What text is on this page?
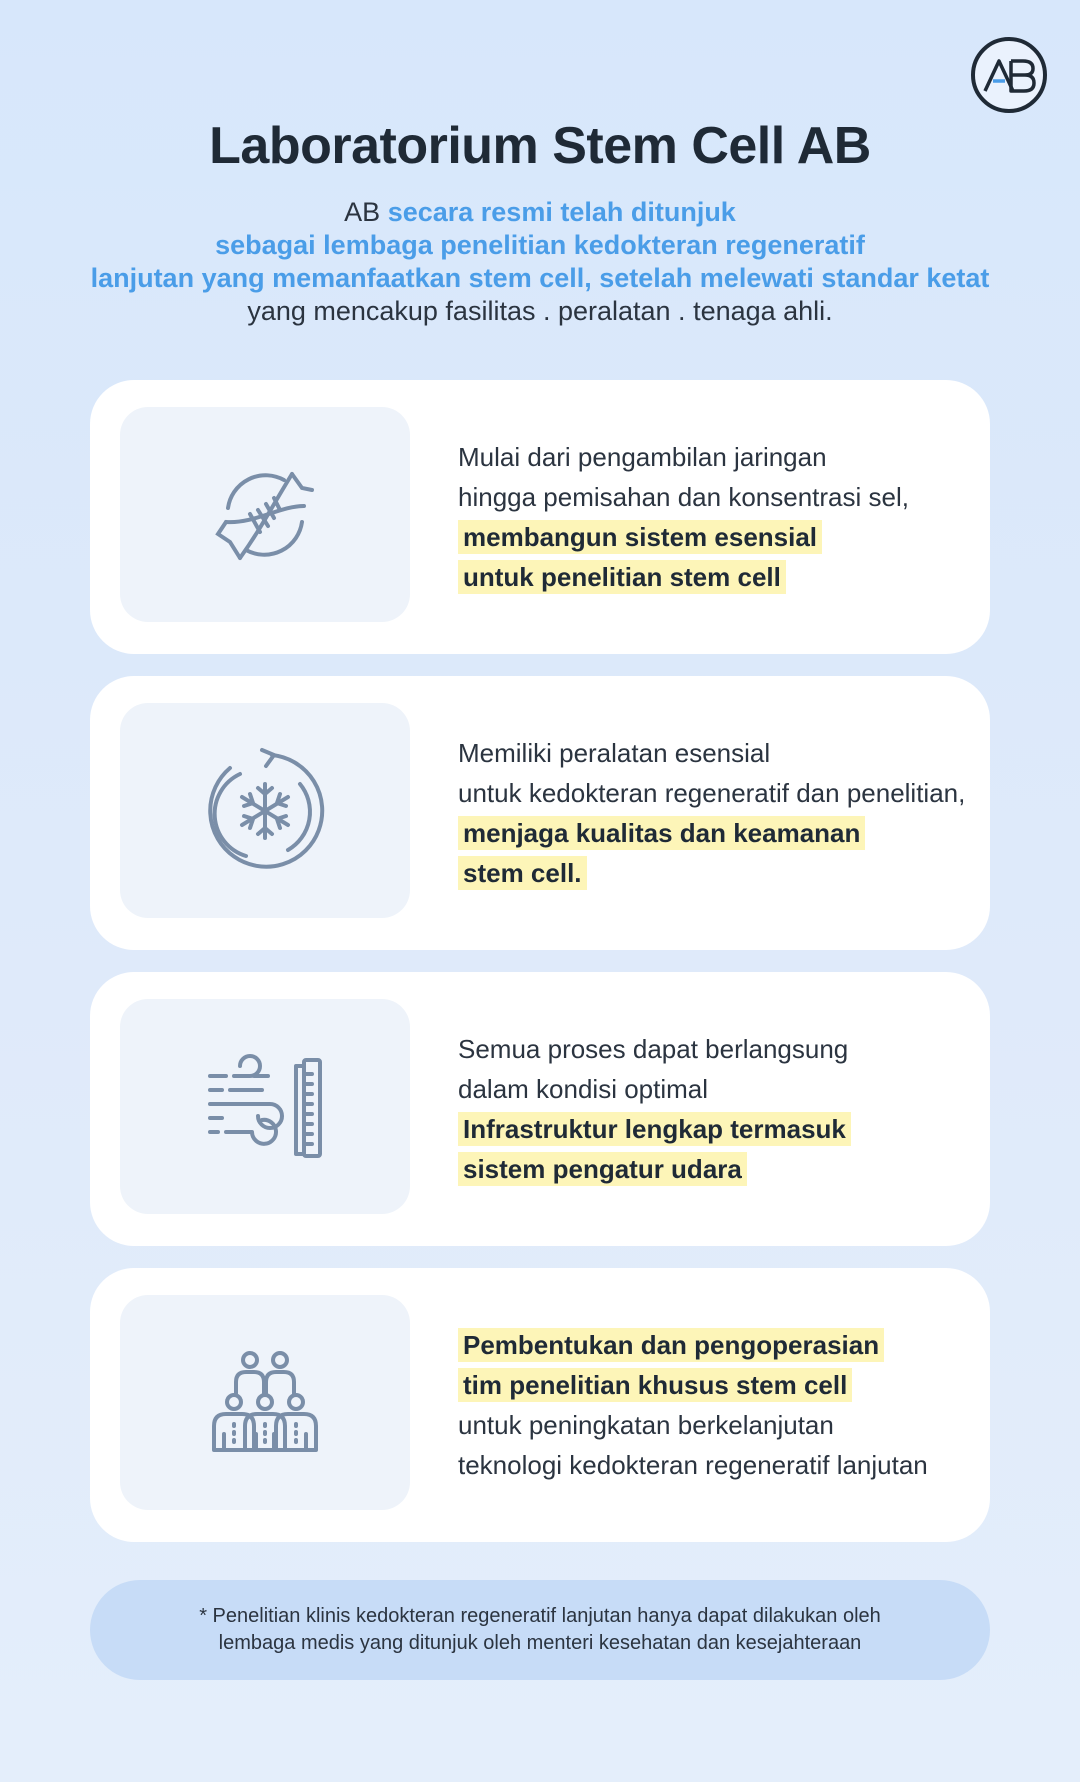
Laboratorium Stem Cell AB
AB secara resmi telah ditunjuk
sebagai lembaga penelitian kedokteran regeneratif
lanjutan yang memanfaatkan stem cell, setelah melewati standar ketat
yang mencakup fasilitas . peralatan . tenaga ahli.
Mulai dari pengambilan jaringan
hingga pemisahan dan konsentrasi sel,
membangun sistem esensial
untuk penelitian stem cell
Memiliki peralatan esensial
untuk kedokteran regeneratif dan penelitian,
menjaga kualitas dan keamanan
stem cell.
Semua proses dapat berlangsung
dalam kondisi optimal
Infrastruktur lengkap termasuk
sistem pengatur udara
Pembentukan dan pengoperasian
tim penelitian khusus stem cell
untuk peningkatan berkelanjutan
teknologi kedokteran regeneratif lanjutan
* Penelitian klinis kedokteran regeneratif lanjutan hanya dapat dilakukan oleh
lembaga medis yang ditunjuk oleh menteri kesehatan dan kesejahteraan
